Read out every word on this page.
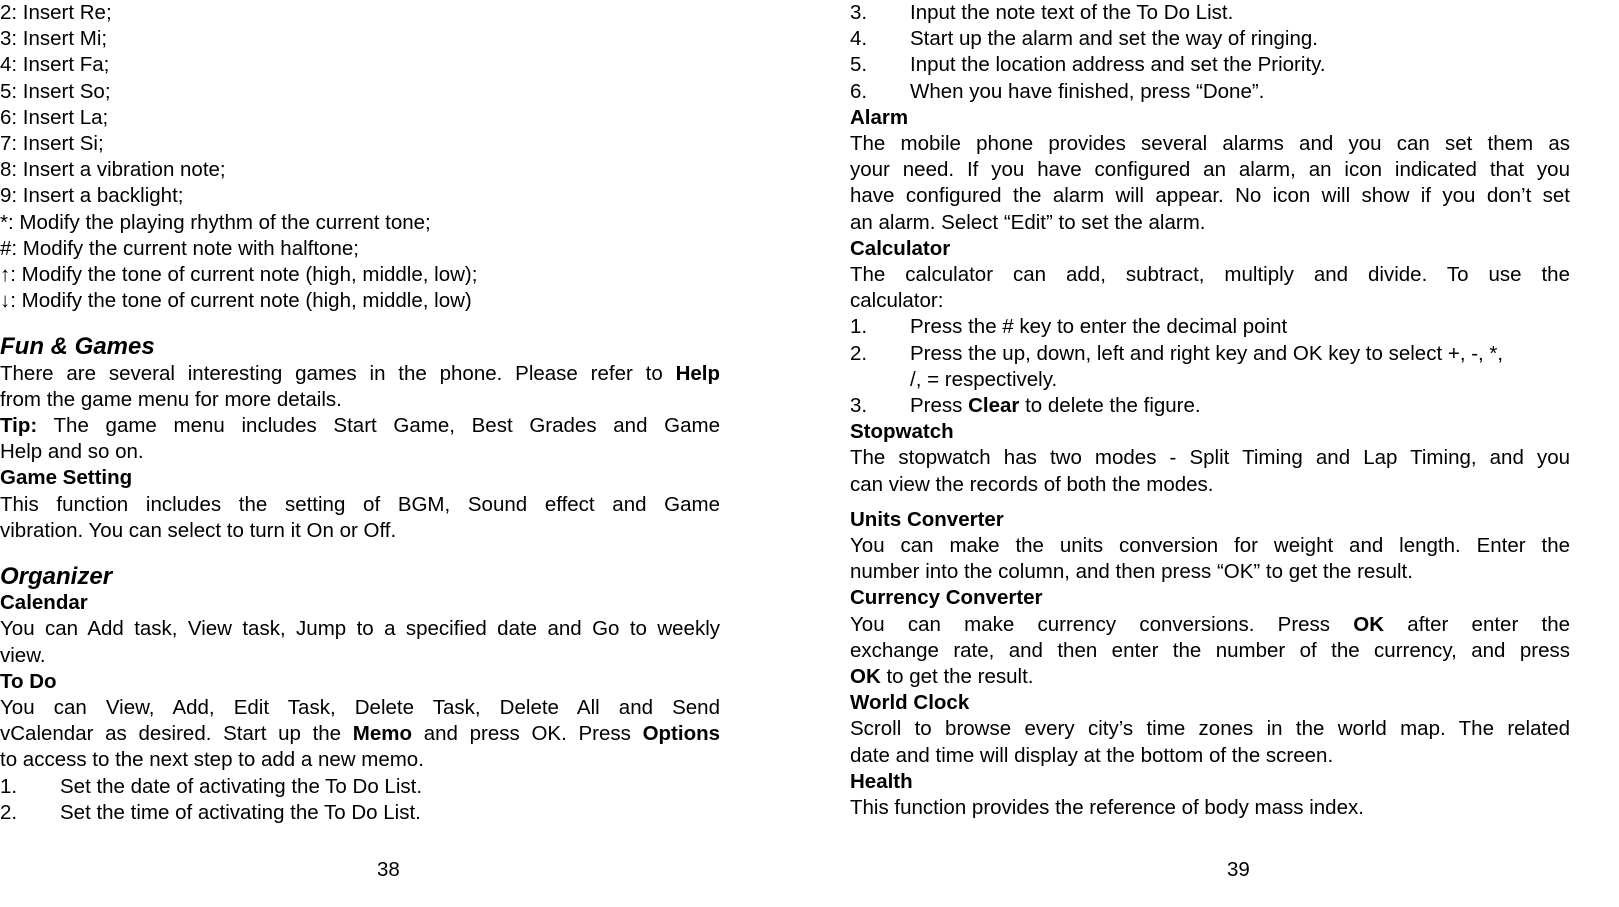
2: Insert Re;
3: Insert Mi;
4: Insert Fa;
5: Insert So;
6: Insert La;
7: Insert Si;
8: Insert a vibration note;
9: Insert a backlight;
*: Modify the playing rhythm of the current tone;
#: Modify the current note with halftone;
↑: Modify the tone of current note (high, middle, low);
↓: Modify the tone of current note (high, middle, low)
Fun & Games
There are several interesting games in the phone. Please refer to Help
from the game menu for more details.
Tip: The game menu includes Start Game, Best Grades and Game
Help and so on.
Game Setting
This function includes the setting of BGM, Sound effect and Game
vibration. You can select to turn it On or Off.
Organizer
Calendar
You can Add task, View task, Jump to a specified date and Go to weekly
view.
To Do
You can View, Add, Edit Task, Delete Task, Delete All and Send
vCalendar as desired. Start up the Memo and press OK. Press Options
to access to the next step to add a new memo.
1. Set the date of activating the To Do List.
2. Set the time of activating the To Do List.
38
3. Input the note text of the To Do List.
4. Start up the alarm and set the way of ringing.
5. Input the location address and set the Priority.
6. When you have finished, press “Done”.
Alarm
The mobile phone provides several alarms and you can set them as
your need. If you have configured an alarm, an icon indicated that you
have configured the alarm will appear. No icon will show if you don’t set
an alarm. Select “Edit” to set the alarm.
Calculator
The calculator can add, subtract, multiply and divide. To use the
calculator:
1. Press the # key to enter the decimal point
2. Press the up, down, left and right key and OK key to select +, -, *,
/, = respectively.
3. Press Clear to delete the figure.
Stopwatch
The stopwatch has two modes - Split Timing and Lap Timing, and you
can view the records of both the modes.
Units Converter
You can make the units conversion for weight and length. Enter the
number into the column, and then press “OK” to get the result.
Currency Converter
You can make currency conversions. Press OK after enter the
exchange rate, and then enter the number of the currency, and press
OK to get the result.
World Clock
Scroll to browse every city’s time zones in the world map. The related
date and time will display at the bottom of the screen.
Health
This function provides the reference of body mass index.
39
